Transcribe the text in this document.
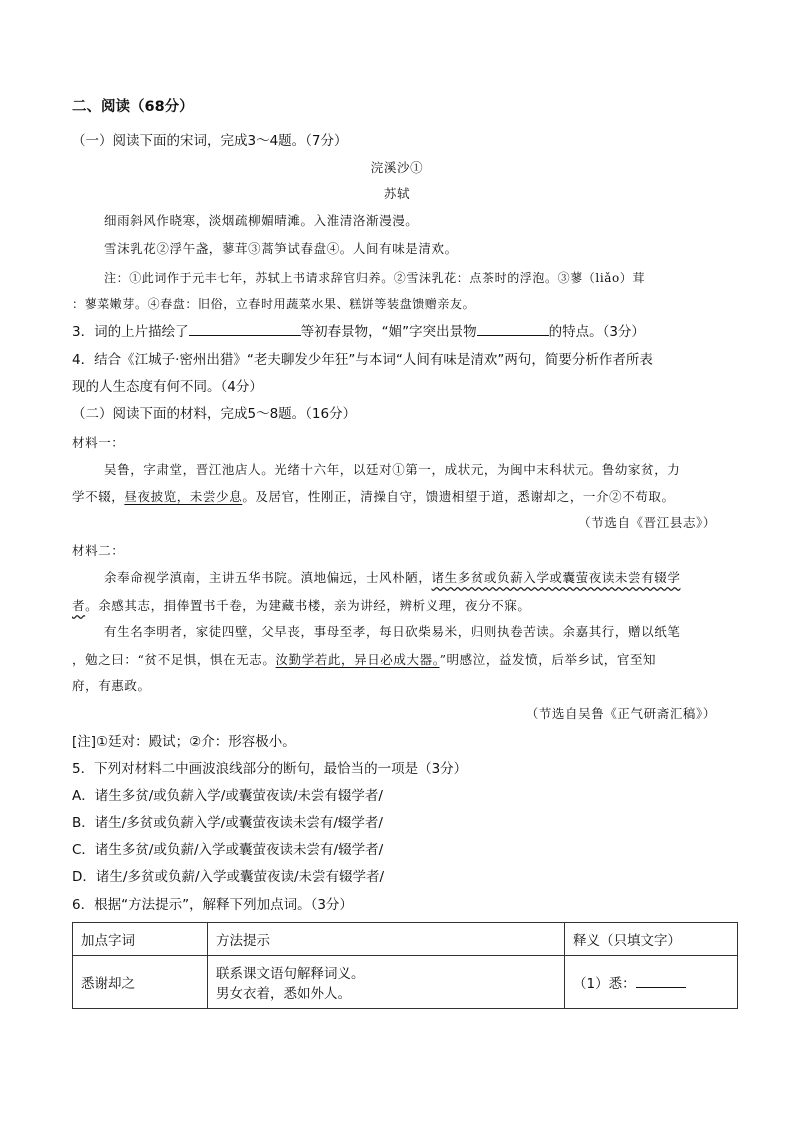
二、阅读（68分）
（一）阅读下面的宋词，完成3～4题。（7分）
浣溪沙①
苏轼
细雨斜风作晓寒，淡烟疏柳媚晴滩。入淮清洛渐漫漫。
雪沫乳花②浮午盏，蓼茸③蒿笋试春盘④。人间有味是清欢。
注：①此词作于元丰七年，苏轼上书请求辞官归养。②雪沫乳花：点茶时的浮泡。③蓼（liǎo）茸
：蓼菜嫩芽。④春盘：旧俗，立春时用蔬菜水果、糕饼等装盘馈赠亲友。
3．词的上片描绘了	等初春景物，“媚”字突出景物	的特点。（3分）
4．结合《江城子·密州出猎》“老夫聊发少年狂”与本词“人间有味是清欢”两句，简要分析作者所表
现的人生态度有何不同。（4分）
（二）阅读下面的材料，完成5～8题。（16分）
材料一：
吴鲁，字肃堂，晋江池店人。光绪十六年，以廷对①第一，成状元，为闽中末科状元。鲁幼家贫，力
学不辍，昼夜披览，未尝少息。及居官，性刚正，清操自守，馈遗相望于道，悉谢却之，一介②不苟取。
（节选自《晋江县志》）
材料二：
余奉命视学滇南，主讲五华书院。滇地偏远，士风朴陋，诸生多贫或负薪入学或囊萤夜读未尝有辍学
者。余感其志，捐俸置书千卷，为建藏书楼，亲为讲经，辨析义理，夜分不寐。
有生名李明者，家徒四壁，父早丧，事母至孝，每日砍柴易米，归则执卷苦读。余嘉其行，赠以纸笔
，勉之曰：“贫不足惧，惧在无志。汝勤学若此，异日必成大器。”明感泣，益发愤，后举乡试，官至知
府，有惠政。
（节选自吴鲁《正气研斋汇稿》）
[注]①廷对：殿试；②介：形容极小。
5．下列对材料二中画波浪线部分的断句，最恰当的一项是（3分）
A．诸生多贫/或负薪入学/或囊萤夜读/未尝有辍学者/
B．诸生/多贫或负薪入学/或囊萤夜读未尝有/辍学者/
C．诸生多贫/或负薪/入学或囊萤夜读未尝有/辍学者/
D．诸生/多贫或负薪/入学或囊萤夜读/未尝有辍学者/
6．根据“方法提示”，解释下列加点词。（3分）
加点字词	方法提示	释义（只填文字）
悉谢却之	联系课文语句解释词义。
男女衣着，悉如外人。	（1）悉：
